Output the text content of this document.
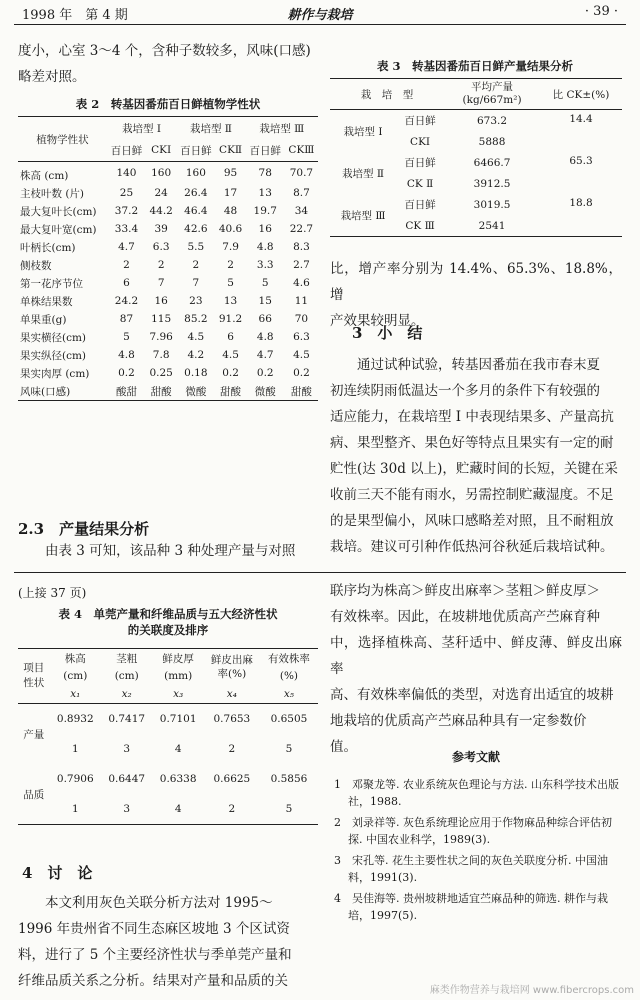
1998 年　第 4 期	耕作与栽培	· 39 ·

度小，心室 3～4 个，含种子数较多，风味(口感)

略差对照。

表 2　转基因番茄百日鲜植物学性状
植物学性状	栽培型 Ⅰ		栽培型 Ⅱ		栽培型 Ⅲ	
	百日鲜	CKⅠ	百日鲜	CKⅡ	百日鲜	CKⅢ
株高 (cm)	140	160	160	95	78	70.7
主枝叶数 (片)	25	24	26.4	17	13	8.7
最大复叶长(cm)	37.2	44.2	46.4	48	19.7	34
最大复叶宽(cm)	33.4	39	42.6	40.6	16	22.7
叶柄长(cm)	4.7	6.3	5.5	7.9	4.8	8.3
侧枝数	2	2	2	2	3.3	2.7
第一花序节位	6	7	7	5	5	4.6
单株结果数	24.2	16	23	13	15	11
单果重(g)	87	115	85.2	91.2	66	70
果实横径(cm)	5	7.96	4.5	6	4.8	6.3
果实纵径(cm)	4.8	7.8	4.2	4.5	4.7	4.5
果实肉厚 (cm)	0.2	0.25	0.18	0.2	0.2	0.2
风味(口感)	酸甜	甜酸	微酸	甜酸	微酸	甜酸
2.3　产量结果分析

由表 3 可知，该品种 3 种处理产量与对照

表 3　转基因番茄百日鲜产量结果分析
栽　培　型		平均产量 (kg/667m²)	比 CK±(%)
栽培型 Ⅰ	百日鲜	673.2	14.4
	CKⅠ	5888	
栽培型 Ⅱ	百日鲜	6466.7	65.3
	CK Ⅱ	3912.5	
栽培型 Ⅲ	百日鲜	3019.5	18.8
	CK Ⅲ	2541	

比，增产率分别为 14.4%、65.3%、18.8%，增

产效果较明显。

3　小　结

　　通过试种试验，转基因番茄在我市春末夏

初连续阴雨低温达一个多月的条件下有较强的

适应能力，在栽培型 Ⅰ 中表现结果多、产量高抗

病、果型整齐、果色好等特点且果实有一定的耐

贮性(达 30d 以上)，贮藏时间的长短，关键在采

收前三天不能有雨水，另需控制贮藏湿度。不足

的是果型偏小，风味口感略差对照，且不耐粗放

栽培。建议可引种作低热河谷秋延后栽培试种。

(上接 37 页)
表 4　单莞产量和纤维品质与五大经济性状
的关联度及排序
项目
性状	株高	茎粗	鲜皮厚	鲜皮出麻率(%)	有效株率
	(cm)	(cm)	(mm)		(%)
	x₁	x₂	x₃	x₄	x₅
产量	0.8932	0.7417	0.7101	0.7653	0.6505
	1	3	4	2	5
品质	0.7906	0.6447	0.6338	0.6625	0.5856
	1	3	4	2	5
4　讨　论

　　本文利用灰色关联分析方法对 1995～

1996 年贵州省不同生态麻区坡地 3 个区试资

料，进行了 5 个主要经济性状与季单莞产量和

纤维品质关系之分析。结果对产量和品质的关

联序均为株高＞鲜皮出麻率＞茎粗＞鲜皮厚＞

有效株率。因此，在坡耕地优质高产苎麻育种

中，选择植株高、茎秆适中、鲜皮薄、鲜皮出麻率

高、有效株率偏低的类型，对选育出适宜的坡耕

地栽培的优质高产苎麻品种具有一定参数价

值。

参考文献

1　邓聚龙等. 农业系统灰色理论与方法. 山东科学技术出版社，1988.

2　刘录祥等. 灰色系统理论应用于作物麻品种综合评估初探. 中国农业科学，1989(3).

3　宋孔等. 花生主要性状之间的灰色关联度分析. 中国油料，1991(3).

4　吴佳海等. 贵州坡耕地适宜苎麻品种的筛选. 耕作与栽培，1997(5).

麻类作物营养与栽培网 www.fibercrops.com
